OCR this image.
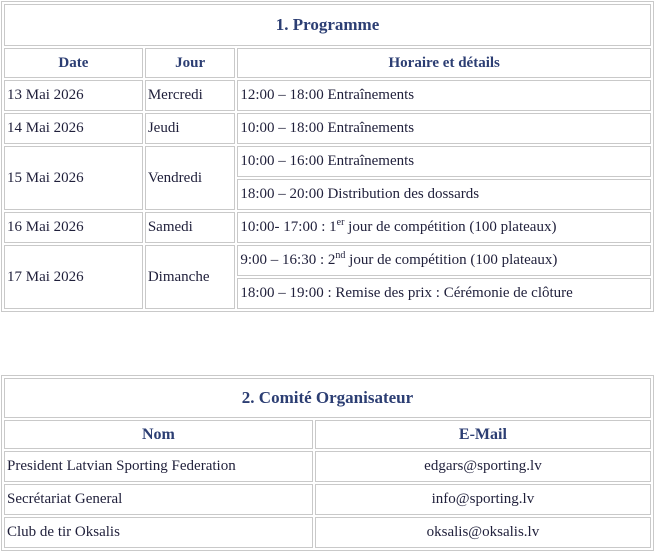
1. Programme		
Date	Jour	Horaire et détails
13 Mai 2026	Mercredi	12:00 – 18:00 Entraînements
14 Mai 2026	Jeudi	10:00 – 18:00 Entraînements
15 Mai 2026	Vendredi	10:00 – 16:00 Entraînements
		18:00 – 20:00 Distribution des dossards
16 Mai 2026	Samedi	10:00- 17:00 : 1er jour de compétition (100 plateaux)
17 Mai 2026	Dimanche	9:00 – 16:30 : 2nd jour de compétition (100 plateaux)
		18:00 – 19:00 : Remise des prix : Cérémonie de clôture
2. Comité Organisateur	
Nom	E-Mail
President Latvian Sporting Federation	edgars@sporting.lv
Secrétariat General	info@sporting.lv
Club de tir Oksalis	oksalis@oksalis.lv
